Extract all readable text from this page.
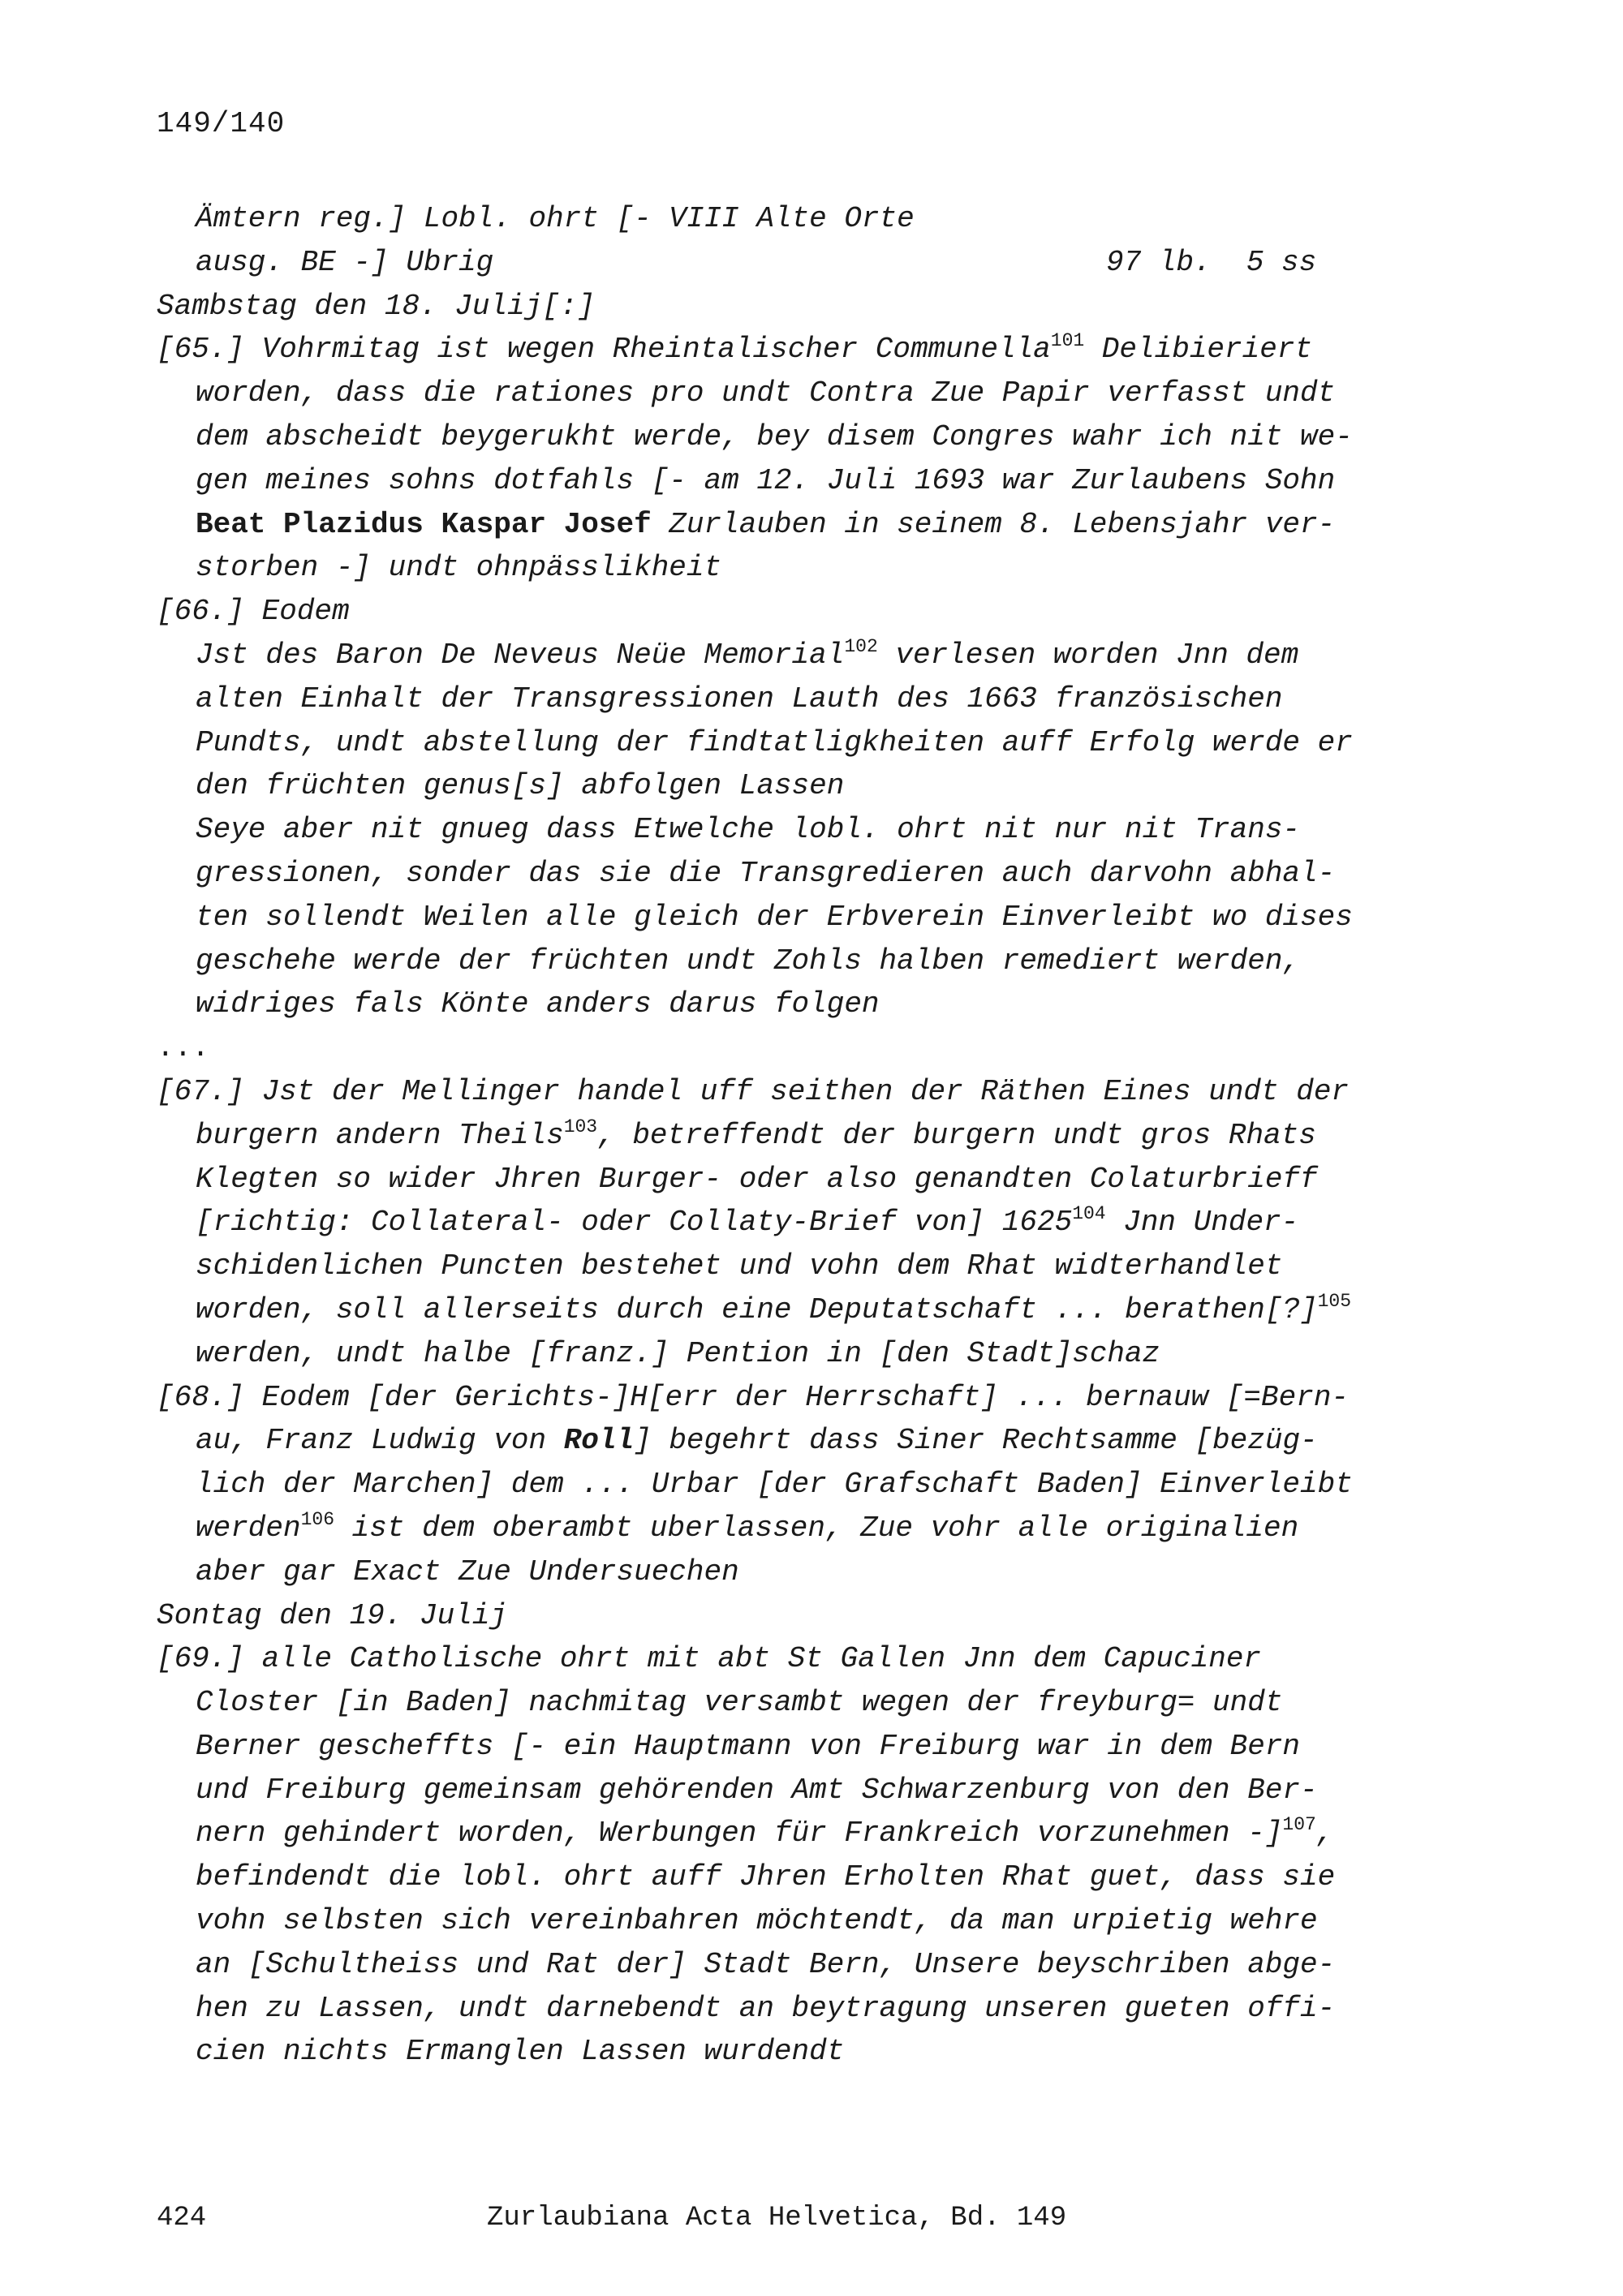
149/140
Ämtern reg.] Lobl. ohrt [- VIII Alte Orte
ausg. BE -] Ubrig	97 lb.  5 ss
Sambstag den 18. Julij[:]
[65.] Vohrmitag ist wegen Rheintalischer Communella$^{101}$ Delibieriert
worden, dass die rationes pro undt Contra Zue Papir verfasst undt
dem abscheidt beygerukht werde, bey disem Congres wahr ich nit we-
gen meines sohns dotfahls [- am 12. Juli 1693 war Zurlaubens Sohn
Beat Plazidus Kaspar Josef Zurlauben in seinem 8. Lebensjahr ver-
storben -] undt ohnpässlikheit
[66.] Eodem
Jst des Baron De Neveus Neüe Memorial$^{102}$ verlesen worden Jnn dem
alten Einhalt der Transgressionen Lauth des 1663 französischen
Pundts, undt abstellung der findtatligkheiten auff Erfolg werde er
den früchten genus[s] abfolgen Lassen
Seye aber nit gnueg dass Etwelche lobl. ohrt nit nur nit Trans-
gressionen, sonder das sie die Transgredieren auch darvohn abhal-
ten sollendt Weilen alle gleich der Erbverein Einverleibt wo dises
geschehe werde der früchten undt Zohls halben remediert werden,
widriges fals Könte anders darus folgen
...
[67.] Jst der Mellinger handel uff seithen der Räthen Eines undt der
burgern andern Theils$^{103}$, betreffendt der burgern undt gros Rhats
Klegten so wider Jhren Burger- oder also genandten Colaturbrieff
[richtig: Collateral- oder Collaty-Brief von] 1625$^{104}$ Jnn Under-
schidenlichen Puncten bestehet und vohn dem Rhat widterhandlet
worden, soll allerseits durch eine Deputatschaft ... berathen[?]$^{105}$
werden, undt halbe [franz.] Pention in [den Stadt]schaz
[68.] Eodem [der Gerichts-]H[err der Herrschaft] ... bernauw [=Bern-
au, Franz Ludwig von Roll] begehrt dass Siner Rechtsamme [bezüg-
lich der Marchen] dem ... Urbar [der Grafschaft Baden] Einverleibt
werden$^{106}$ ist dem oberambt uberlassen, Zue vohr alle originalien
aber gar Exact Zue Undersuechen
Sontag den 19. Julij
[69.] alle Catholische ohrt mit abt St Gallen Jnn dem Capuciner
Closter [in Baden] nachmitag versambt wegen der freyburg= undt
Berner gescheffts [- ein Hauptmann von Freiburg war in dem Bern
und Freiburg gemeinsam gehörenden Amt Schwarzenburg von den Ber-
nern gehindert worden, Werbungen für Frankreich vorzunehmen -]$^{107}$,
befindendt die lobl. ohrt auff Jhren Erholten Rhat guet, dass sie
vohn selbsten sich vereinbahren möchtendt, da man urpietig wehre
an [Schultheiss und Rat der] Stadt Bern, Unsere beyschriben abge-
hen zu Lassen, undt darnebendt an beytragung unseren gueten offi-
cien nichts Ermanglen Lassen wurdendt
424	Zurlaubiana Acta Helvetica, Bd. 149
